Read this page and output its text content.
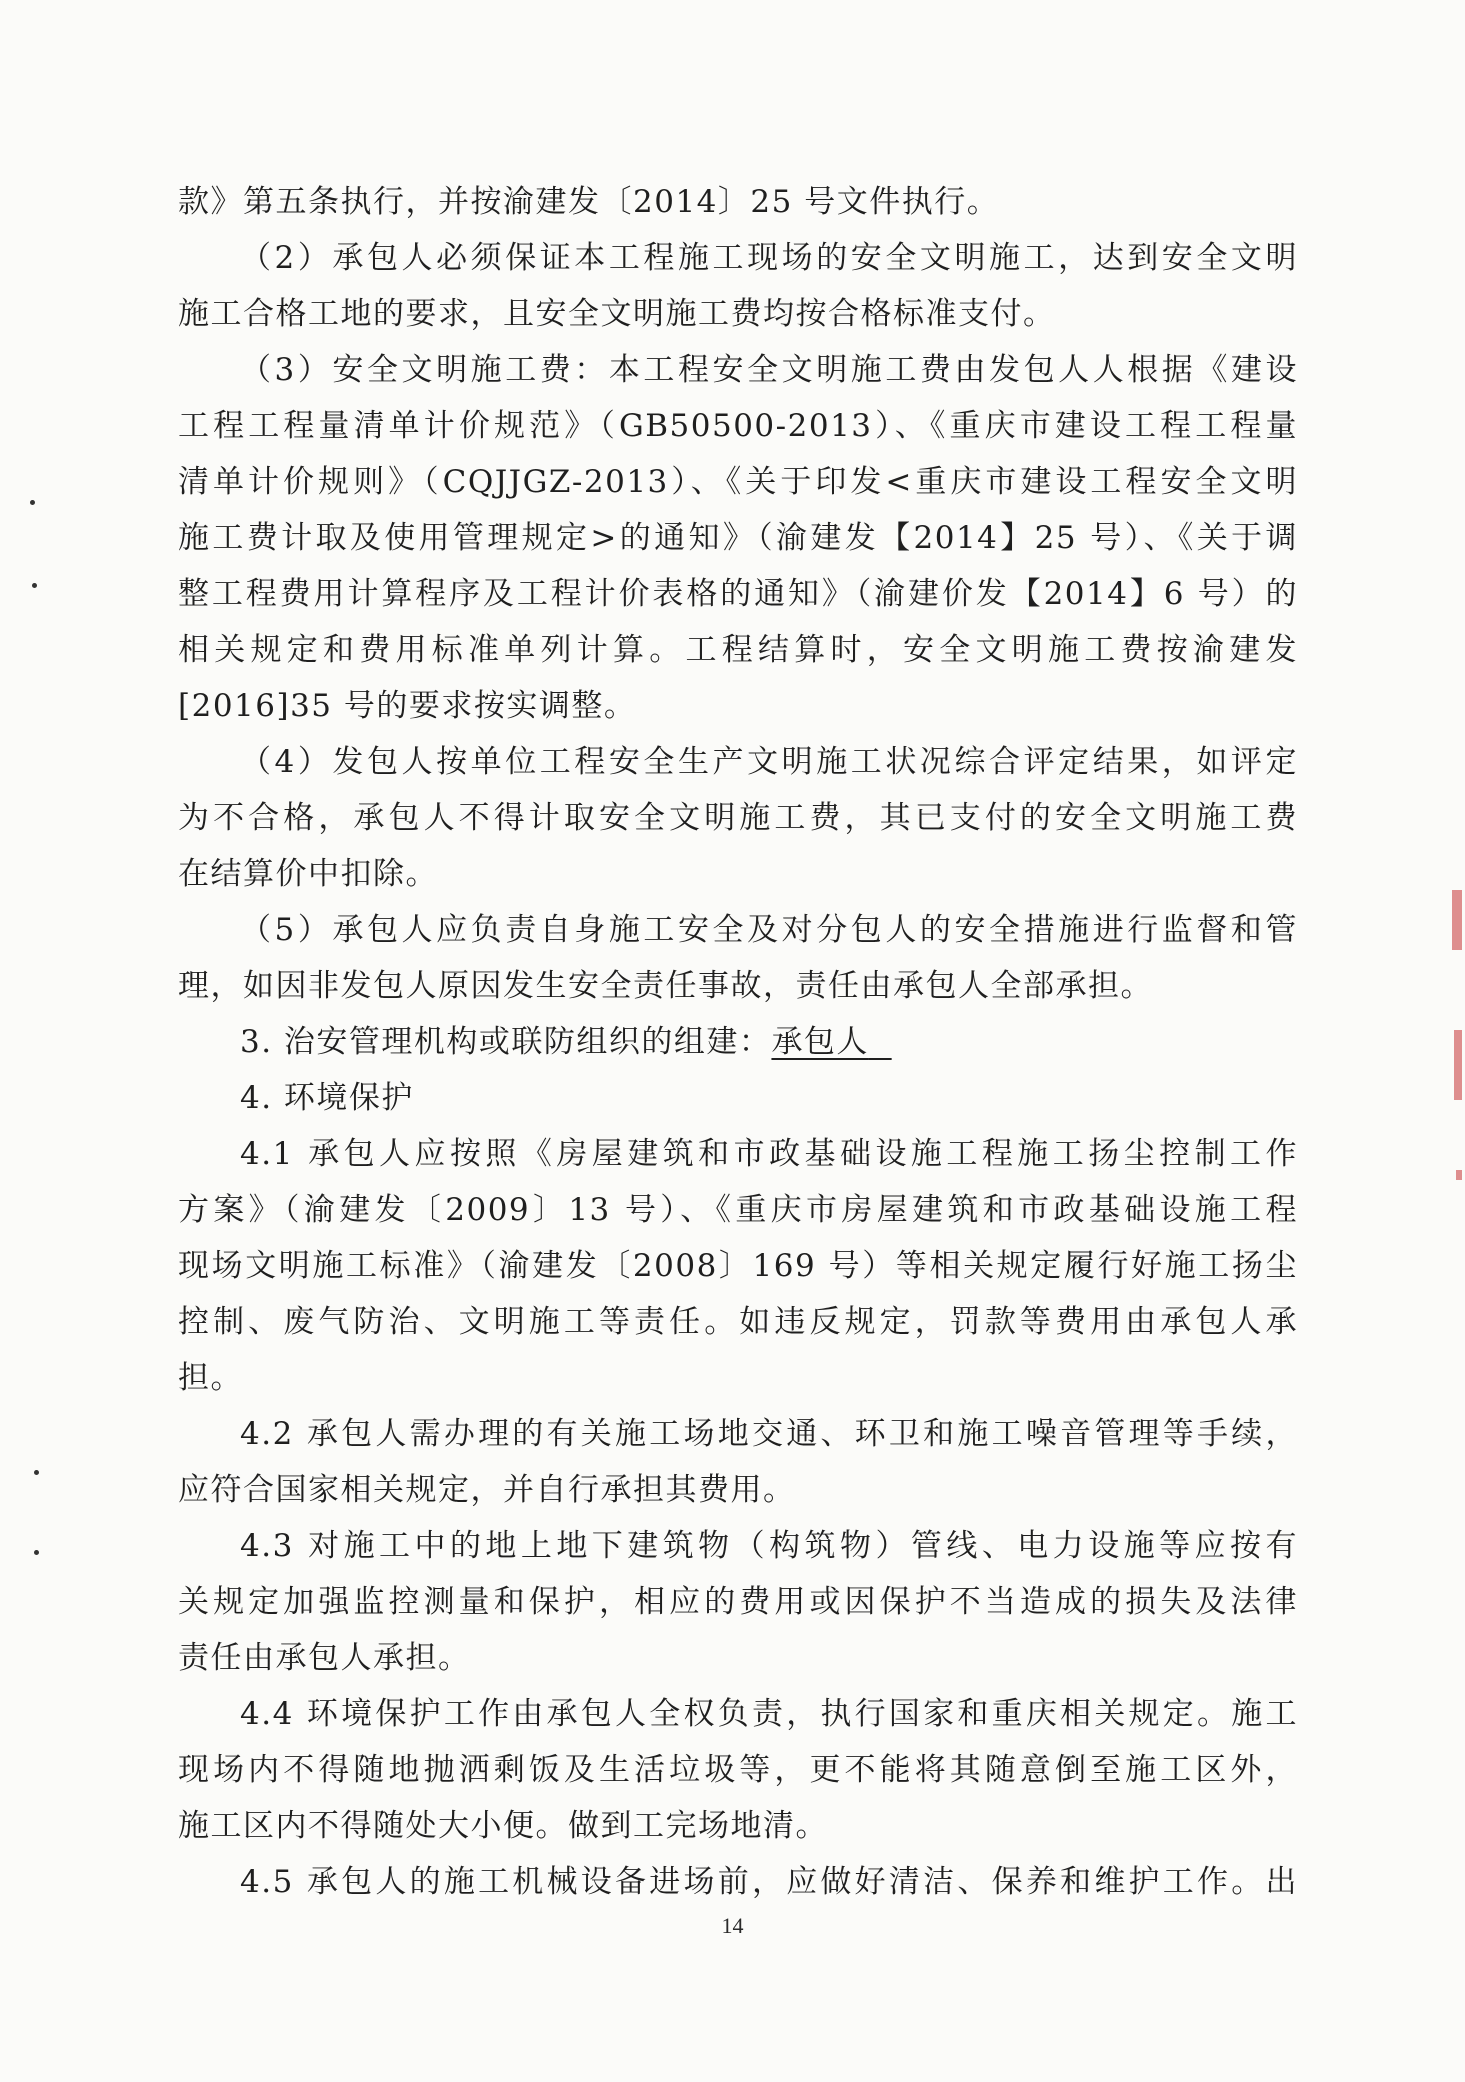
款》第五条执行，并按渝建发〔2014〕25 号文件执行。
（2）承包人必须保证本工程施工现场的安全文明施工，达到安全文明
施工合格工地的要求，且安全文明施工费均按合格标准支付。
（3）安全文明施工费：本工程安全文明施工费由发包人人根据《建设
工程工程量清单计价规范》（GB50500-2013）、《重庆市建设工程工程量
清单计价规则》（CQJJGZ-2013）、《关于印发<重庆市建设工程安全文明
施工费计取及使用管理规定>的通知》（渝建发【2014】25 号）、《关于调
整工程费用计算程序及工程计价表格的通知》（渝建价发【2014】6 号）的
相关规定和费用标准单列计算。工程结算时，安全文明施工费按渝建发
[2016]35 号的要求按实调整。
（4）发包人按单位工程安全生产文明施工状况综合评定结果，如评定
为不合格，承包人不得计取安全文明施工费，其已支付的安全文明施工费
在结算价中扣除。
（5）承包人应负责自身施工安全及对分包人的安全措施进行监督和管
理，如因非发包人原因发生安全责任事故，责任由承包人全部承担。
3. 治安管理机构或联防组织的组建：承包人
4. 环境保护
4.1 承包人应按照《房屋建筑和市政基础设施工程施工扬尘控制工作
方案》（渝建发〔2009〕13 号）、《重庆市房屋建筑和市政基础设施工程
现场文明施工标准》（渝建发〔2008〕169 号）等相关规定履行好施工扬尘
控制、废气防治、文明施工等责任。如违反规定，罚款等费用由承包人承
担。
4.2 承包人需办理的有关施工场地交通、环卫和施工噪音管理等手续，
应符合国家相关规定，并自行承担其费用。
4.3 对施工中的地上地下建筑物（构筑物）管线、电力设施等应按有
关规定加强监控测量和保护，相应的费用或因保护不当造成的损失及法律
责任由承包人承担。
4.4 环境保护工作由承包人全权负责，执行国家和重庆相关规定。施工
现场内不得随地抛洒剩饭及生活垃圾等，更不能将其随意倒至施工区外，
施工区内不得随处大小便。做到工完场地清。
4.5 承包人的施工机械设备进场前，应做好清洁、保养和维护工作。出
14
